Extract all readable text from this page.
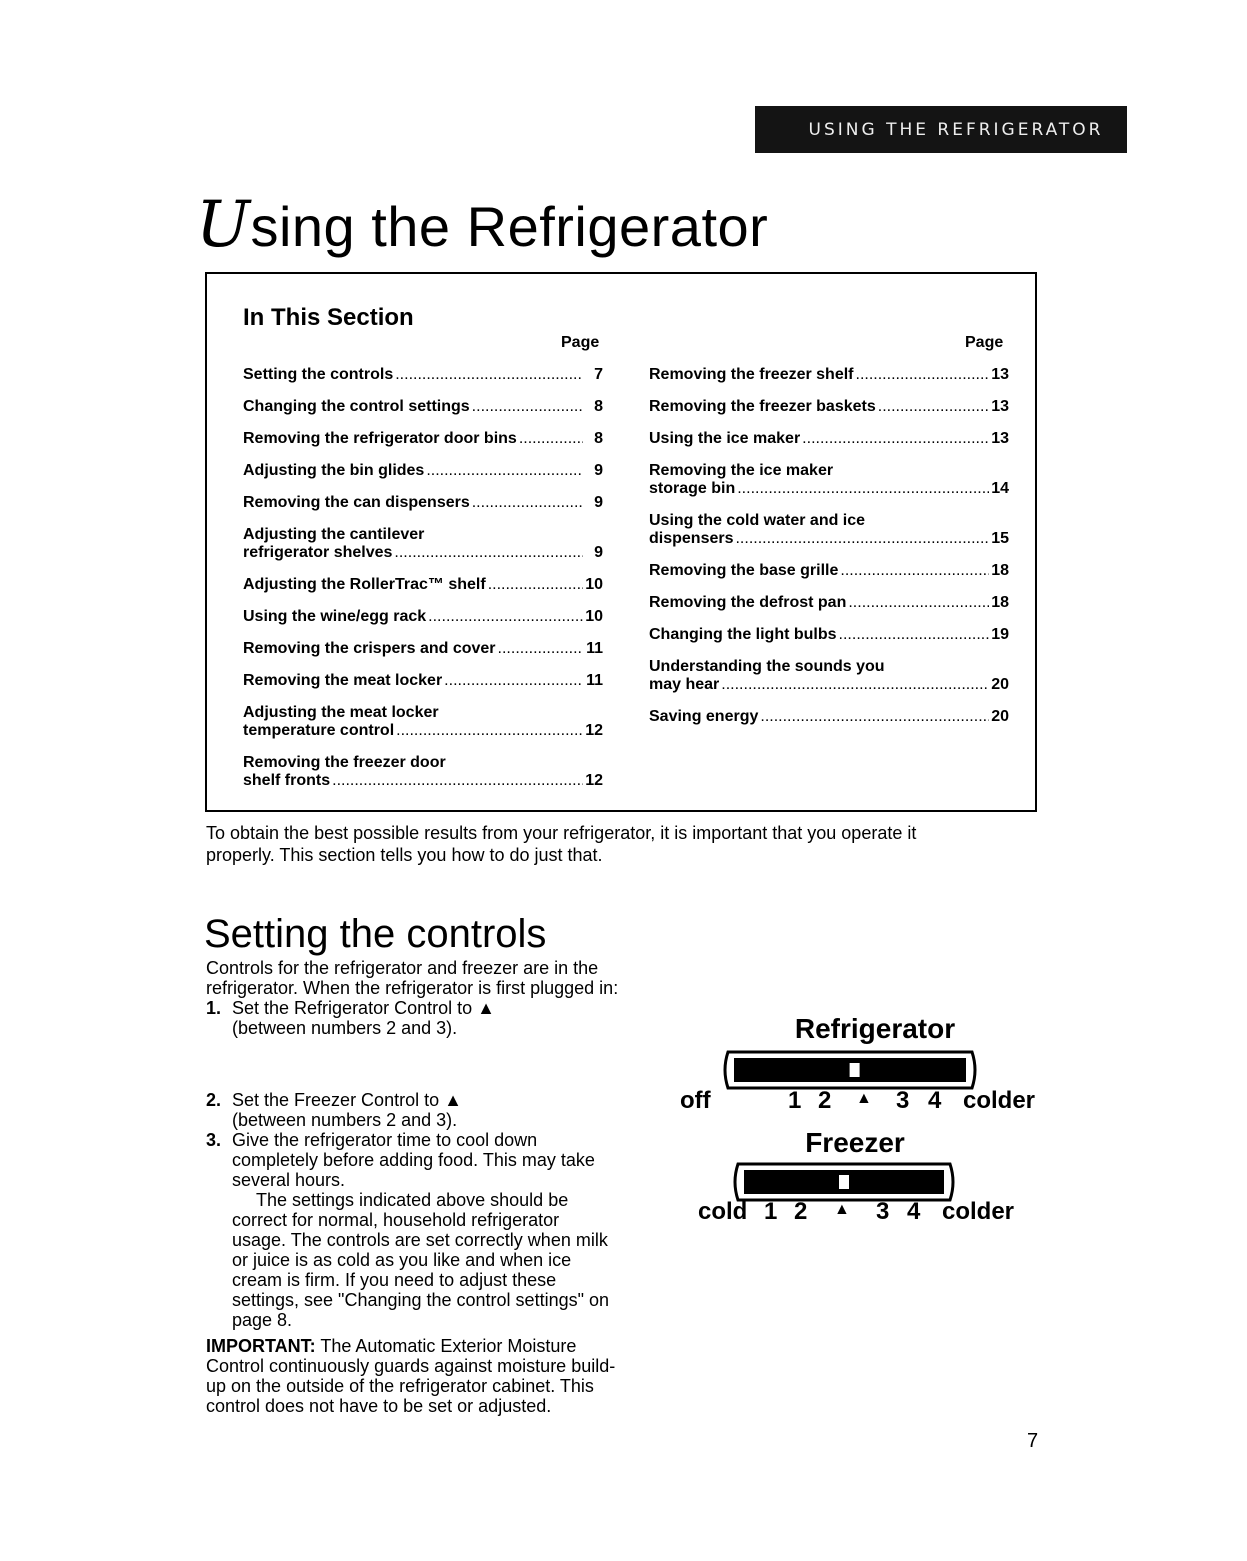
USING THE REFRIGERATOR
Using the Refrigerator
In This Section
Page	Page
Setting the controls .....	7
Changing the control settings .....	8
Removing the refrigerator door bins .....	8
Adjusting the bin glides .....	9
Removing the can dispensers .....	9
Adjusting the cantilever
refrigerator shelves .....	9
Adjusting the RollerTrac™ shelf .....	10
Using the wine/egg rack .....	10
Removing the crispers and cover .....	11
Removing the meat locker .....	11
Adjusting the meat locker
temperature control .....	12
Removing the freezer door
shelf fronts .....	12
Removing the freezer shelf .....	13
Removing the freezer baskets .....	13
Using the ice maker .....	13
Removing the ice maker
storage bin .....	14
Using the cold water and ice
dispensers .....	15
Removing the base grille .....	18
Removing the defrost pan .....	18
Changing the light bulbs .....	19
Understanding the sounds you
may hear .....	20
Saving energy .....	20
To obtain the best possible results from your refrigerator, it is important that you operate it
properly. This section tells you how to do just that.
Setting the controls

Controls for the refrigerator and freezer are in the
refrigerator. When the refrigerator is first plugged in:

1. Set the Refrigerator Control to ▲
(between numbers 2 and 3).
2. Set the Freezer Control to ▲
(between numbers 2 and 3).
3. Give the refrigerator time to cool down
completely before adding food. This may take
several hours.
The settings indicated above should be
correct for normal, household refrigerator
usage. The controls are set correctly when milk
or juice is as cold as you like and when ice
cream is firm. If you need to adjust these
settings, see "Changing the control settings" on
page 8.

IMPORTANT: The Automatic Exterior Moisture
Control continuously guards against moisture build-
up on the outside of the refrigerator cabinet. This
control does not have to be set or adjusted.

Refrigerator
off	1 2 ▲ 3 4 colder
Freezer
cold 1 2 ▲ 3 4 colder
7
